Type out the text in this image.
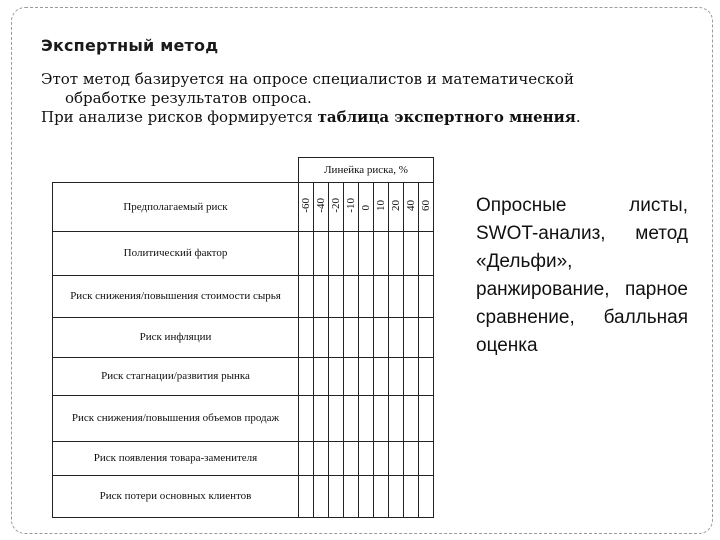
Экспертный метод
Этот метод базируется на опросе специалистов и математической
обработке результатов опроса.
При анализе рисков формируется таблица экспертного мнения.
	Линейка риска, %								
Предполагаемый риск	-60	-40	-20	-10	0	10	20	40	60
Политический фактор									
Риск снижения/повышения стоимости сырья									
Риск инфляции									
Риск стагнации/развития рынка									
Риск снижения/повышения объемов продаж									
Риск появления товара-заменителя									
Риск потери основных клиентов									
Опросные листы, SWOT-анализ, метод «Дельфи», ранжирование, парное сравнение, балльная оценка
